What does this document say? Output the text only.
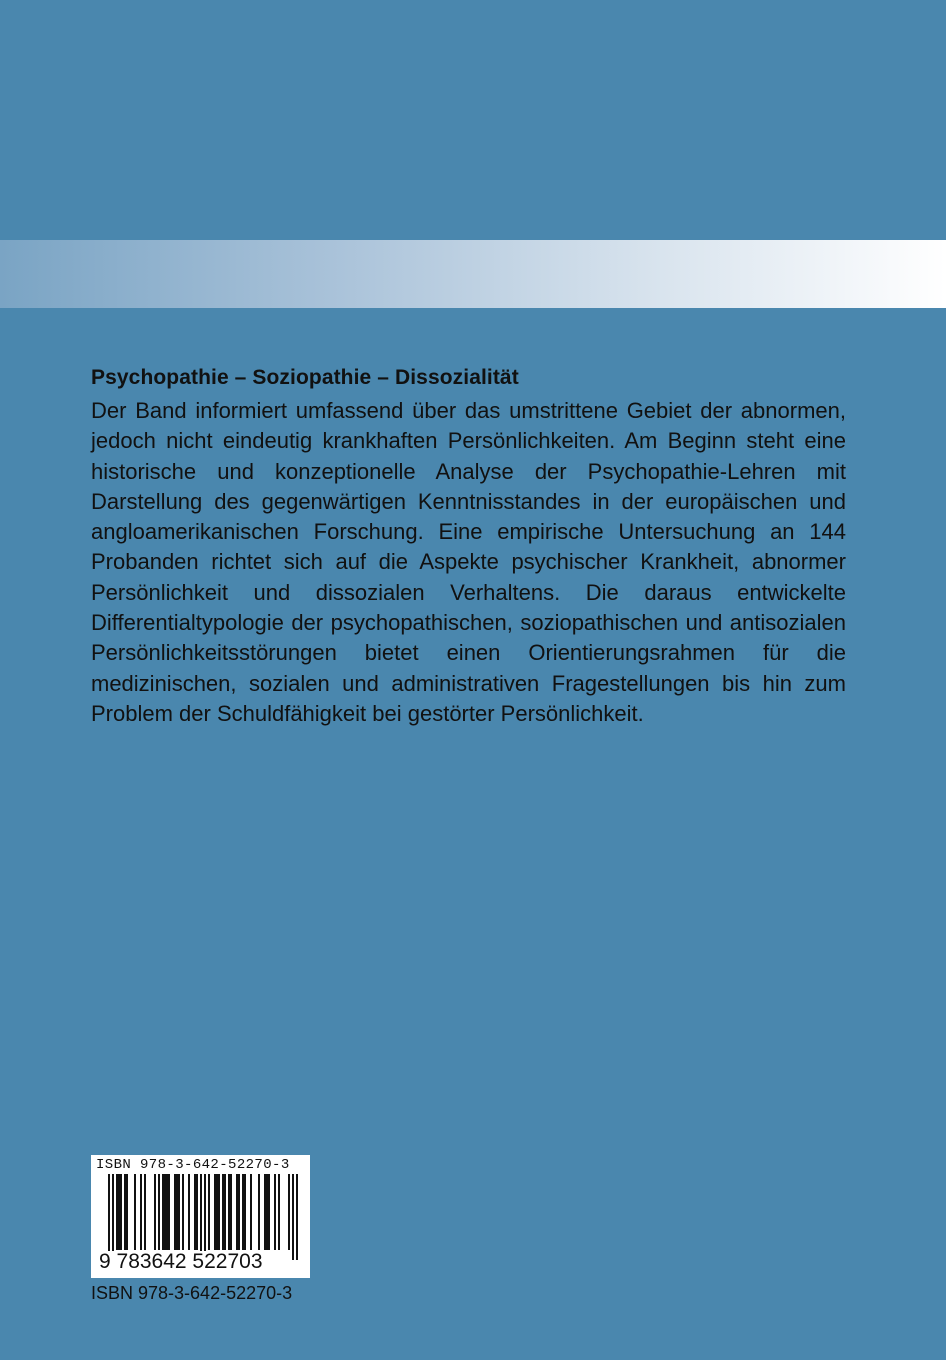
Psychopathie – Soziopathie – Dissozialität

Der Band informiert umfassend über das umstrittene Gebiet der abnormen, jedoch nicht eindeutig krankhaften Persönlichkeiten. Am Beginn steht eine historische und konzeptionelle Analyse der Psychopathie-Lehren mit Darstellung des gegenwärtigen Kenntnisstandes in der europäischen und angloamerikanischen Forschung. Eine empirische Untersuchung an 144 Probanden richtet sich auf die Aspekte psychischer Krankheit, abnormer Persönlichkeit und dissozialen Verhaltens. Die daraus entwickelte Differentialtypologie der psychopathischen, soziopathischen und antisozialen Persönlichkeitsstörungen bietet einen Orientierungsrahmen für die medizinischen, sozialen und administrativen Fragestellungen bis hin zum Problem der Schuldfähigkeit bei gestörter Persönlichkeit.

ISBN 978-3-642-52270-3
9 783642 522703
ISBN 978-3-642-52270-3
